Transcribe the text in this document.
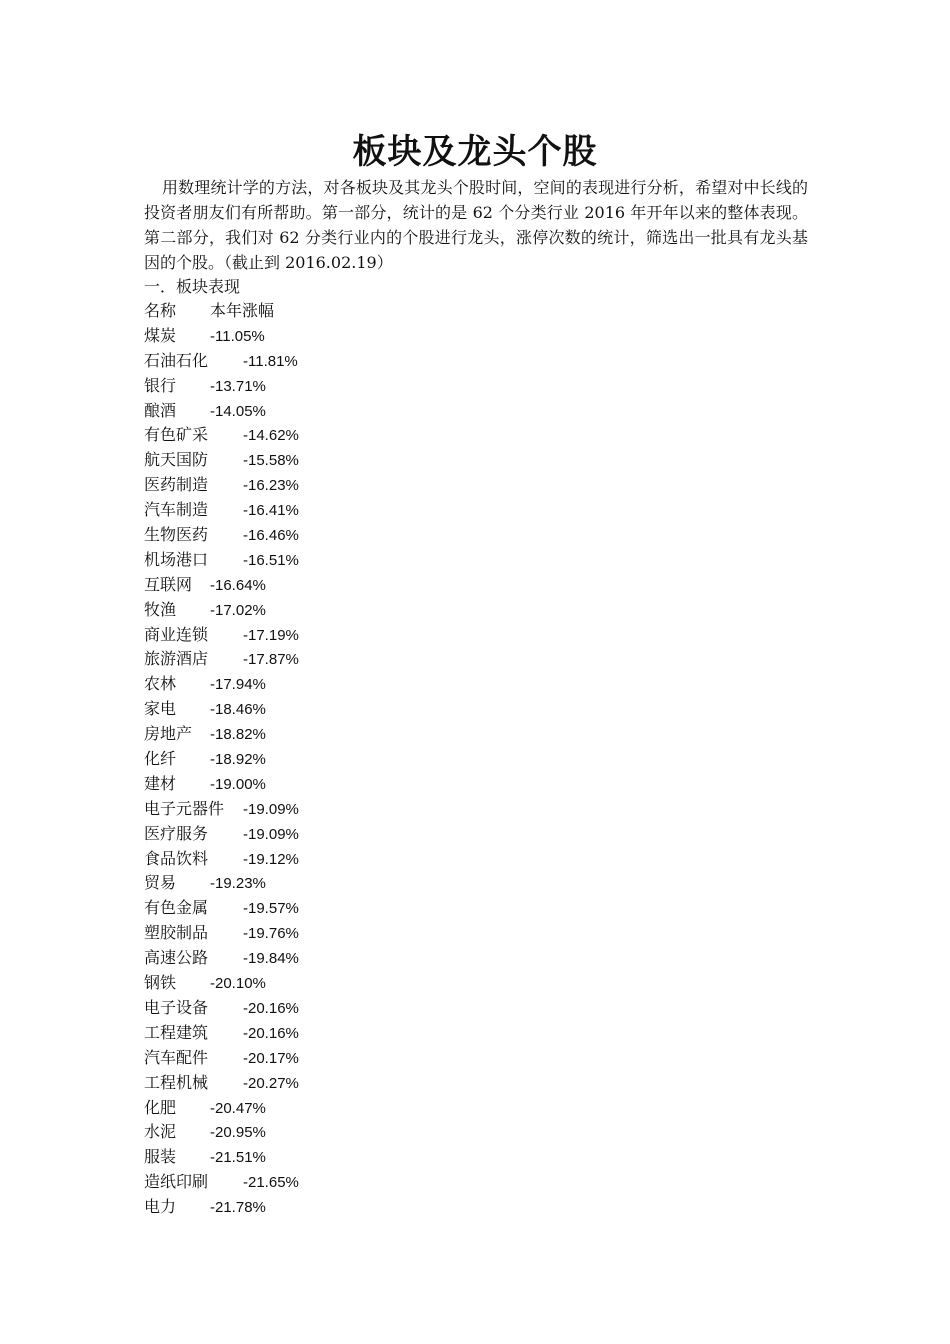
板块及龙头个股

用数理统计学的方法，对各板块及其龙头个股时间，空间的表现进行分析，希望对中长线的投资者朋友们有所帮助。第一部分，统计的是 62 个分类行业 2016 年开年以来的整体表现。第二部分，我们对 62 分类行业内的个股进行龙头，涨停次数的统计，筛选出一批具有龙头基因的个股。（截止到 2016.02.19）

一．板块表现
名称 本年涨幅
煤炭 -11.05%
石油石化 -11.81%
银行 -13.71%
酿酒 -14.05%
有色矿采 -14.62%
航天国防 -15.58%
医药制造 -16.23%
汽车制造 -16.41%
生物医药 -16.46%
机场港口 -16.51%
互联网 -16.64%
牧渔 -17.02%
商业连锁 -17.19%
旅游酒店 -17.87%
农林 -17.94%
家电 -18.46%
房地产 -18.82%
化纤 -18.92%
建材 -19.00%
电子元器件 -19.09%
医疗服务 -19.09%
食品饮料 -19.12%
贸易 -19.23%
有色金属 -19.57%
塑胶制品 -19.76%
高速公路 -19.84%
钢铁 -20.10%
电子设备 -20.16%
工程建筑 -20.16%
汽车配件 -20.17%
工程机械 -20.27%
化肥 -20.47%
水泥 -20.95%
服装 -21.51%
造纸印刷 -21.65%
电力 -21.78%
